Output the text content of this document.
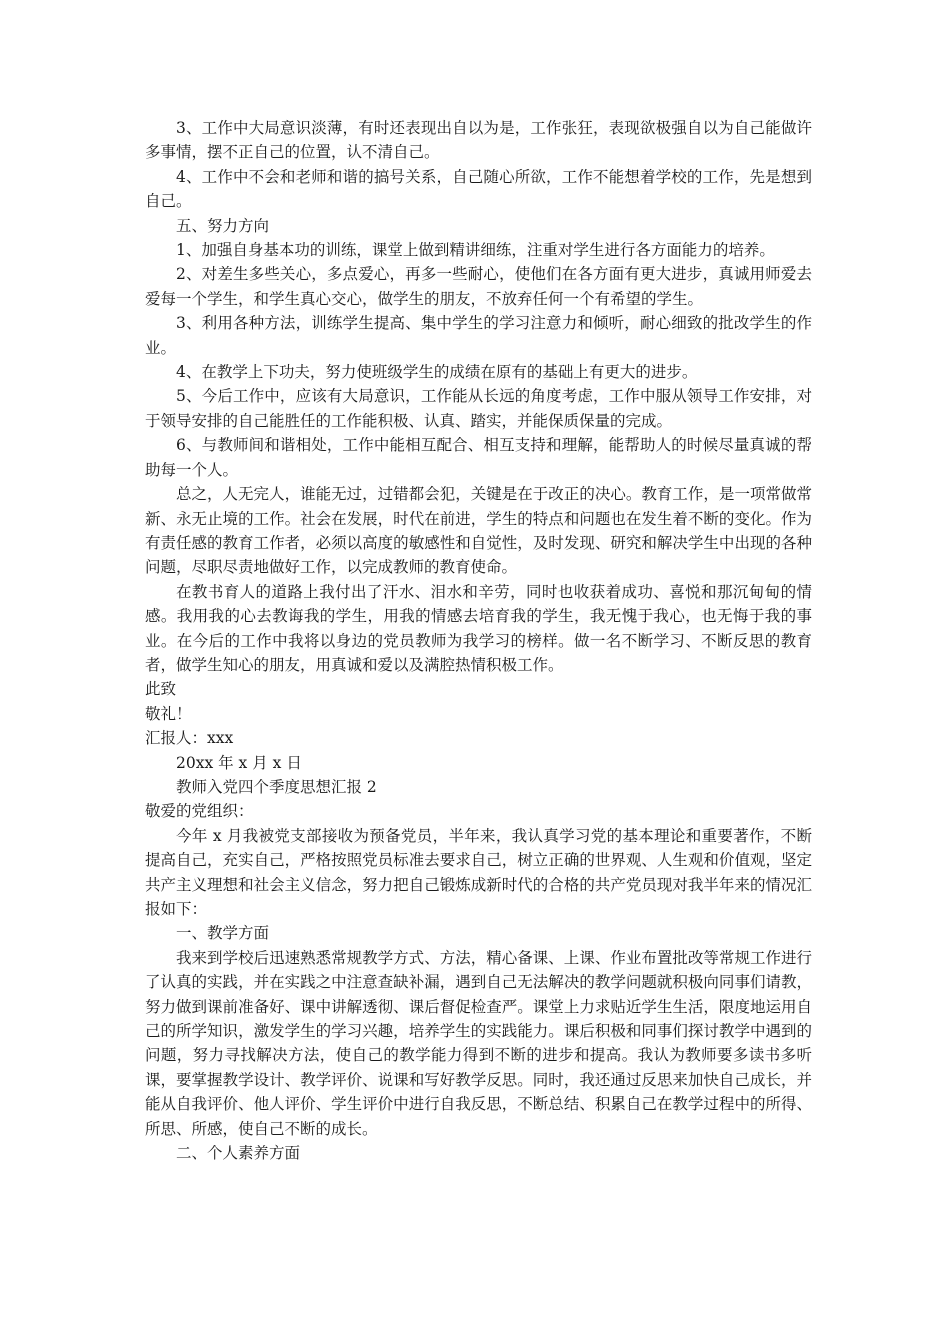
3、工作中大局意识淡薄，有时还表现出自以为是，工作张狂，表现欲极强自以为自己能做许多事情，摆不正自己的位置，认不清自己。

4、工作中不会和老师和谐的搞号关系，自己随心所欲，工作不能想着学校的工作，先是想到自己。

五、努力方向

1、加强自身基本功的训练，课堂上做到精讲细练，注重对学生进行各方面能力的培养。

2、对差生多些关心，多点爱心，再多一些耐心，使他们在各方面有更大进步，真诚用师爱去爱每一个学生，和学生真心交心，做学生的朋友，不放弃任何一个有希望的学生。

3、利用各种方法，训练学生提高、集中学生的学习注意力和倾听，耐心细致的批改学生的作业。

4、在教学上下功夫，努力使班级学生的成绩在原有的基础上有更大的进步。

5、今后工作中，应该有大局意识，工作能从长远的角度考虑，工作中服从领导工作安排，对于领导安排的自己能胜任的工作能积极、认真、踏实，并能保质保量的完成。

6、与教师间和谐相处，工作中能相互配合、相互支持和理解，能帮助人的时候尽量真诚的帮助每一个人。

总之，人无完人，谁能无过，过错都会犯，关键是在于改正的决心。教育工作，是一项常做常新、永无止境的工作。社会在发展，时代在前进，学生的特点和问题也在发生着不断的变化。作为有责任感的教育工作者，必须以高度的敏感性和自觉性，及时发现、研究和解决学生中出现的各种问题，尽职尽责地做好工作，以完成教师的教育使命。

在教书育人的道路上我付出了汗水、泪水和辛劳，同时也收获着成功、喜悦和那沉甸甸的情感。我用我的心去教诲我的学生，用我的情感去培育我的学生，我无愧于我心，也无悔于我的事业。在今后的工作中我将以身边的党员教师为我学习的榜样。做一名不断学习、不断反思的教育者，做学生知心的朋友，用真诚和爱以及满腔热情积极工作。

此致

敬礼！

汇报人：xxx

20xx 年 x 月 x 日

教师入党四个季度思想汇报 2

敬爱的党组织：

今年 x 月我被党支部接收为预备党员，半年来，我认真学习党的基本理论和重要著作，不断提高自己，充实自己，严格按照党员标准去要求自己，树立正确的世界观、人生观和价值观，坚定共产主义理想和社会主义信念，努力把自己锻炼成新时代的合格的共产党员现对我半年来的情况汇报如下：

一、教学方面

我来到学校后迅速熟悉常规教学方式、方法，精心备课、上课、作业布置批改等常规工作进行了认真的实践，并在实践之中注意查缺补漏，遇到自己无法解决的教学问题就积极向同事们请教，努力做到课前准备好、课中讲解透彻、课后督促检查严。课堂上力求贴近学生生活，限度地运用自己的所学知识，激发学生的学习兴趣，培养学生的实践能力。课后积极和同事们探讨教学中遇到的问题，努力寻找解决方法，使自己的教学能力得到不断的进步和提高。我认为教师要多读书多听课，要掌握教学设计、教学评价、说课和写好教学反思。同时，我还通过反思来加快自己成长，并能从自我评价、他人评价、学生评价中进行自我反思，不断总结、积累自己在教学过程中的所得、所思、所感，使自己不断的成长。

二、个人素养方面
